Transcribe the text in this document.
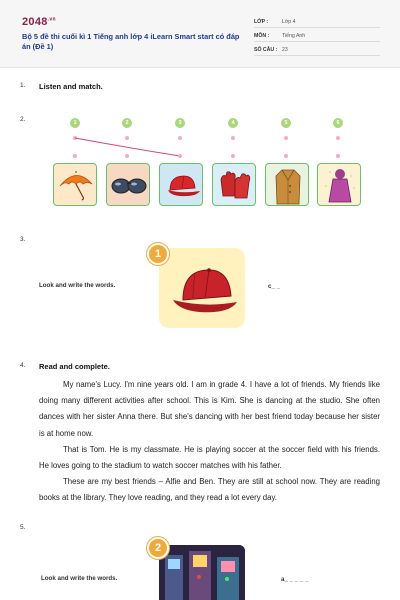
$2048^{.vn}$
Bộ 5 đề thi cuối kì 1 Tiếng anh lớp 4 iLearn Smart start có đáp án (Đề 1)
LỚP :	Lớp 4
MÔN :	Tiếng Anh
SỐ CÂU : 23
1. Listen and match.
2.	1	2	3	4	5	6
3.
1
Look and write the words.	c_ _
4. Read and complete.

My name's Lucy. I'm nine years old. I am in grade 4. I have a lot of friends. My friends like doing many different activities after school. This is Kim. She is dancing at the studio. She often dances with her sister Anna there. But she's dancing with her best friend today because her sister is at home now.

That is Tom. He is my classmate. He is playing soccer at the soccer field with his friends. He loves going to the stadium to watch soccer matches with his father.

These are my best friends – Alfie and Ben. They are still at school now. They are reading books at the library. They love reading, and they read a lot every day.

5.
2
Look and write the words.	a_ _ _ _ _
